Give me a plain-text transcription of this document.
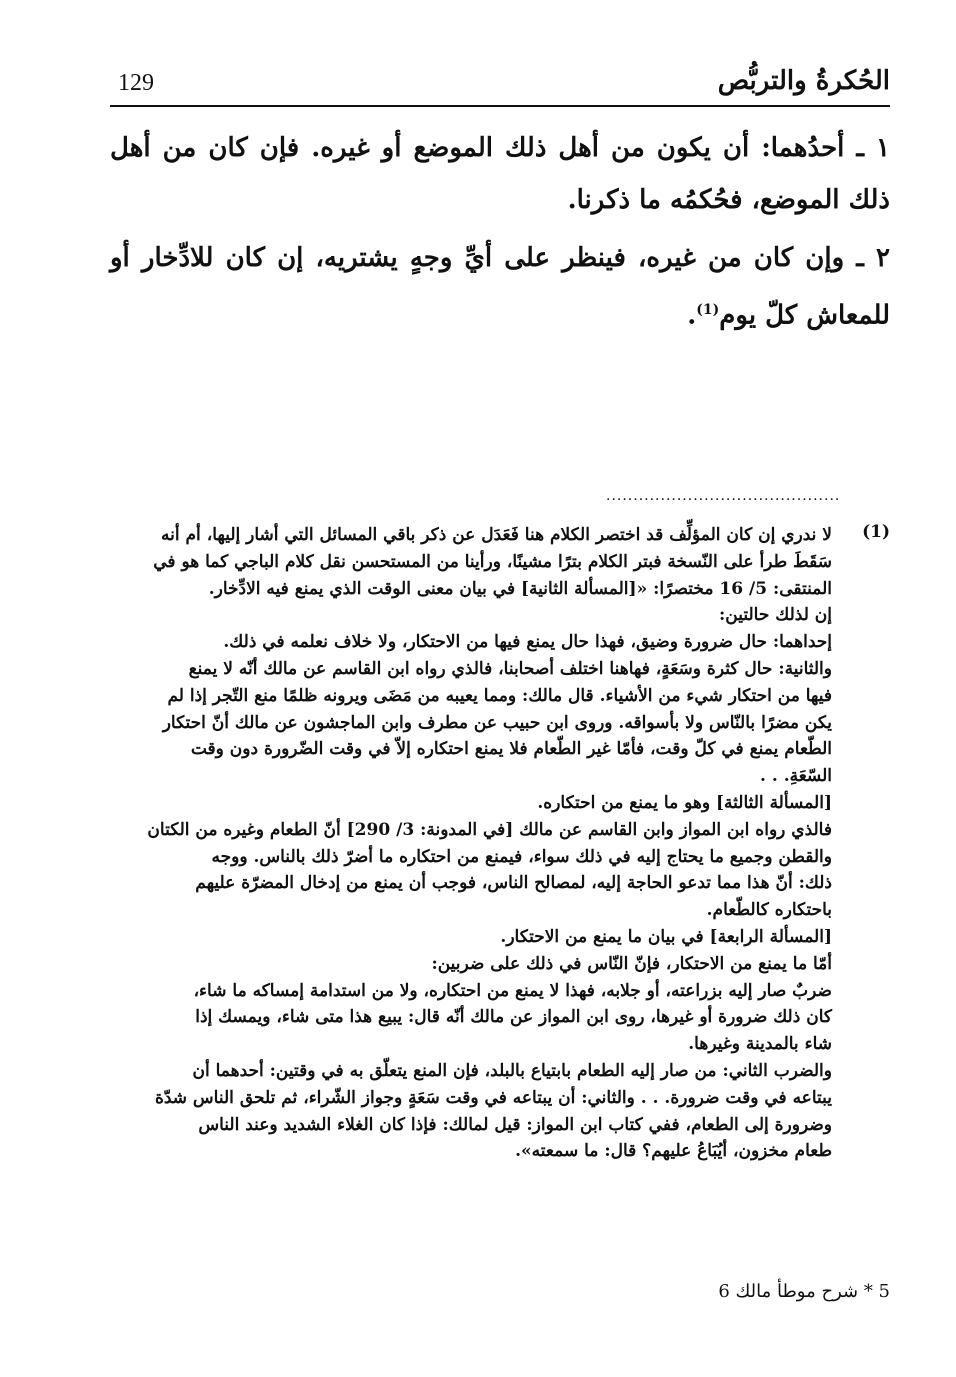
129	الحُكرةُ والتربُّص

١ ـ أحدُهما: أن يكون من أهل ذلك الموضع أو غيره. فإن كان من أهل ذلك الموضع، فحُكمُه ما ذكرنا.

٢ ـ وإن كان من غيره، فينظر على أيِّ وجهٍ يشتريه، إن كان للادِّخار أو للمعاش كلّ يوم$^{(1)}$.

...........................................
(1)
لا ندري إن كان المؤلِّف قد اختصر الكلام هنا فَعَدَل عن ذكر باقي المسائل التي أشار إليها، أم أنه
سَقَطَ طرأ على النّسخة فبتر الكلام بترًا مشينًا، ورأينا من المستحسن نقل كلام الباجي كما هو في
المنتقى: 5/ 16 مختصرًا: «[المسألة الثانية] في بيان معنى الوقت الذي يمنع فيه الادِّخار.
إن لذلك حالتين:
إحداهما: حال ضرورة وضيق، فهذا حال يمنع فيها من الاحتكار، ولا خلاف نعلمه في ذلك.
والثانية: حال كثرة وسَعَةٍ، فهاهنا اختلف أصحابنا، فالذي رواه ابن القاسم عن مالك أنّه لا يمنع
فيها من احتكار شيء من الأشياء. قال مالك: ومما يعيبه من مَضَى ويرونه ظلمًا منع التّجر إذا لم
يكن مضرًا بالنّاس ولا بأسواقه. وروى ابن حبيب عن مطرف وابن الماجشون عن مالك أنّ احتكار
الطّعام يمنع في كلّ وقت، فأمّا غير الطّعام فلا يمنع احتكاره إلاّ في وقت الضّرورة دون وقت
السّعَةِ. . .
[المسألة الثالثة] وهو ما يمنع من احتكاره.
فالذي رواه ابن المواز وابن القاسم عن مالك [في المدونة: 3/ 290] أنّ الطعام وغيره من الكتان
والقطن وجميع ما يحتاج إليه في ذلك سواء، فيمنع من احتكاره ما أضرّ ذلك بالناس. ووجه
ذلك: أنّ هذا مما تدعو الحاجة إليه، لمصالح الناس، فوجب أن يمنع من إدخال المضرّة عليهم
باحتكاره كالطّعام.
[المسألة الرابعة] في بيان ما يمنع من الاحتكار.
أمّا ما يمنع من الاحتكار، فإنّ النّاس في ذلك على ضربين:
ضربٌ صار إليه بزراعته، أو جلابه، فهذا لا يمنع من احتكاره، ولا من استدامة إمساكه ما شاء،
كان ذلك ضرورة أو غيرها، روى ابن المواز عن مالك أنّه قال: يبيع هذا متى شاء، ويمسك إذا
شاء بالمدينة وغيرها.
والضرب الثاني: من صار إليه الطعام بابتياع بالبلد، فإن المنع يتعلّق به في وقتين: أحدهما أن
يبتاعه في وقت ضرورة. . . والثاني: أن يبتاعه في وقت سَعَةٍ وجواز الشّراء، ثم تلحق الناس شدّة
وضرورة إلى الطعام، ففي كتاب ابن المواز: قيل لمالك: فإذا كان الغلاء الشديد وعند الناس
طعام مخزون، أيُبَاعُ عليهم؟ قال: ما سمعته».
5 * شرح موطأ مالك 6
